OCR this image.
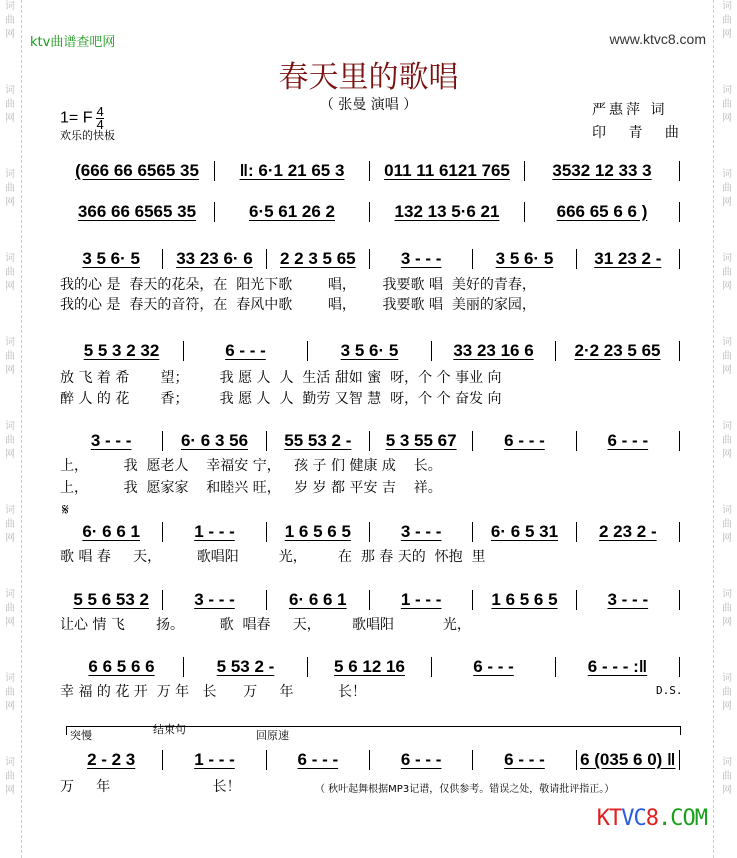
词
曲
网
词
曲
网
词
曲
网
词
曲
网
词
曲
网
词
曲
网
词
曲
网
词
曲
网
词
曲
网
词
曲
网
词
曲
网
词
曲
网
词
曲
网
词
曲
网
词
曲
网
词
曲
网
词
曲
网
词
曲
网
词
曲
网
词
曲
网
ktv曲谱查吧网	www.ktvc8.com
春天里的歌唱
（ 张曼 演唱 ）
1= F $\frac{4}{4}$
欢乐的快板
严惠萍 词
印 青 曲
(666 66 6565 35	‖: 6·1 21 65 3	011 11 6121 765	3532 12 33 3
366 66 6565 35	6·5 61 26 2	132 13 5·6 21	666 65 6 6 )
3 5 6· 5	33 23 6· 6	2 2 3 5 65	3 - - -	3 5 6· 5	31 23 2 -
我的心 是  春天的花朵，在  阳光下歌        唱，      我要歌 唱  美好的青春，
我的心 是  春天的音符，在  春风中歌        唱，      我要歌 唱  美丽的家园，
5 5 3 2 32	6 - - -	3 5 6· 5	33 23 16 6	2·2 23 5 65
放 飞 着 希       望；       我 愿 人  人  生活 甜如 蜜  呀，个 个 事业 向
醉 人 的 花       香；       我 愿 人  人  勤劳 又智 慧  呀，个 个 奋发 向
3 - - -	6· 6 3 56	55 53 2 -	5 3 55 67	6 - - -	6 - - -
上，        我  愿老人    幸福安 宁，   孩 子 们 健康 成    长。
上，        我  愿家家    和睦兴 旺，   岁 岁 都 平安 吉    祥。
6· 6 6 1	1 - - -	1 6 5 6 5	3 - - -	6· 6 5 31	2 23 2 -
歌 唱 春     天，        歌唱阳         光，       在  那 春 天的  怀抱  里
5 5 6 53 2	3 - - -	6· 6 6 1	1 - - -	1 6 5 6 5	3 - - -
让心 情 飞       扬。        歌  唱春     天，       歌唱阳           光，
6 6 5 6 6	5 53 2 -	5 6 12 16	6 - - -	6 - - - :‖
幸 福 的 花 开  万 年   长      万     年          长！
2 - 2 3	1 - - -	6 - - -	6 - - -	6 - - -	6 (035 6 0) ‖
万     年                       长！
𝄋
D.S.
突慢	结束句	回原速
（ 秋叶起舞根据MP3记谱，仅供参考。错误之处，敬请批评指正。）
KTVC8.COM
